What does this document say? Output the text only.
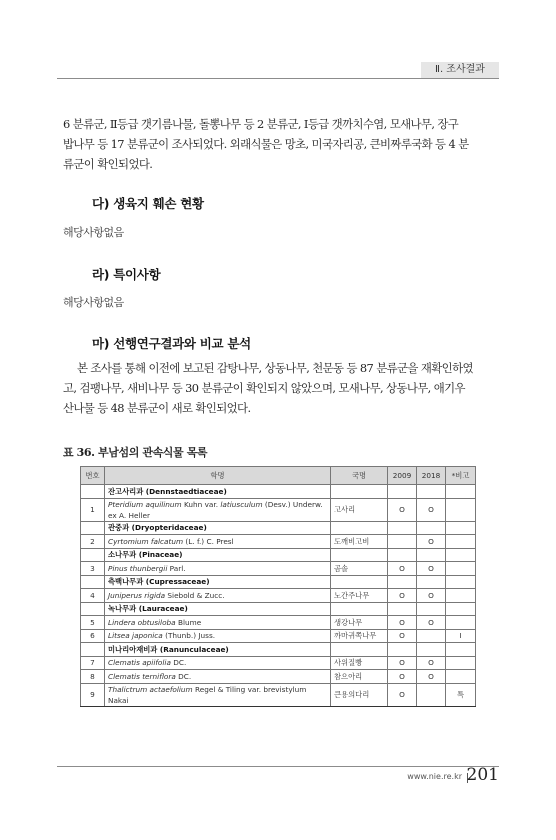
Ⅱ. 조사결과
6 분류군, Ⅱ등급 갯기름나물, 돌뽕나무 등 2 분류군, Ⅰ등급 갯까치수염, 모새나무, 장구
밥나무 등 17 분류군이 조사되었다. 외래식물은 망초, 미국자리공, 큰비짜루국화 등 4 분
류군이 확인되었다.
다) 생육지 훼손 현황
해당사항없음
라) 특이사항
해당사항없음
마) 선행연구결과와 비교 분석
본 조사를 통해 이전에 보고된 감탕나무, 상동나무, 천문동 등 87 분류군을 재확인하였
고, 검팽나무, 새비나무 등 30 분류군이 확인되지 않았으며, 모새나무, 상동나무, 애기우
산나물 등 48 분류군이 새로 확인되었다.
표 36. 부남섬의 관속식물 목록
번호	학명	국명	2009	2018	*비고
	잔고사리과 (Dennstaedtiaceae)				
1	Pteridium aquilinum Kuhn var. latiusculum (Desv.) Underw. ex A. Heller	고사리	O	O	
	관중과 (Dryopteridaceae)				
2	Cyrtomium falcatum (L. f.) C. Presl	도깨비고비		O	
	소나무과 (Pinaceae)				
3	Pinus thunbergii Parl.	곰솔	O	O	
	측백나무과 (Cupressaceae)				
4	Juniperus rigida Siebold & Zucc.	노간주나무	O	O	
	녹나무과 (Lauraceae)				
5	Lindera obtusiloba Blume	생강나무	O	O	
6	Litsea japonica (Thunb.) Juss.	까마귀쪽나무	O		Ⅰ
	미나리아재비과 (Ranunculaceae)				
7	Clematis apiifolia DC.	사위질빵	O	O	
8	Clematis terniflora DC.	참으아리	O	O	
9	Thalictrum actaefolium Regel & Tiling var. brevistylum Nakai	큰용의다리	O		특
www.nie.re.kr 201
